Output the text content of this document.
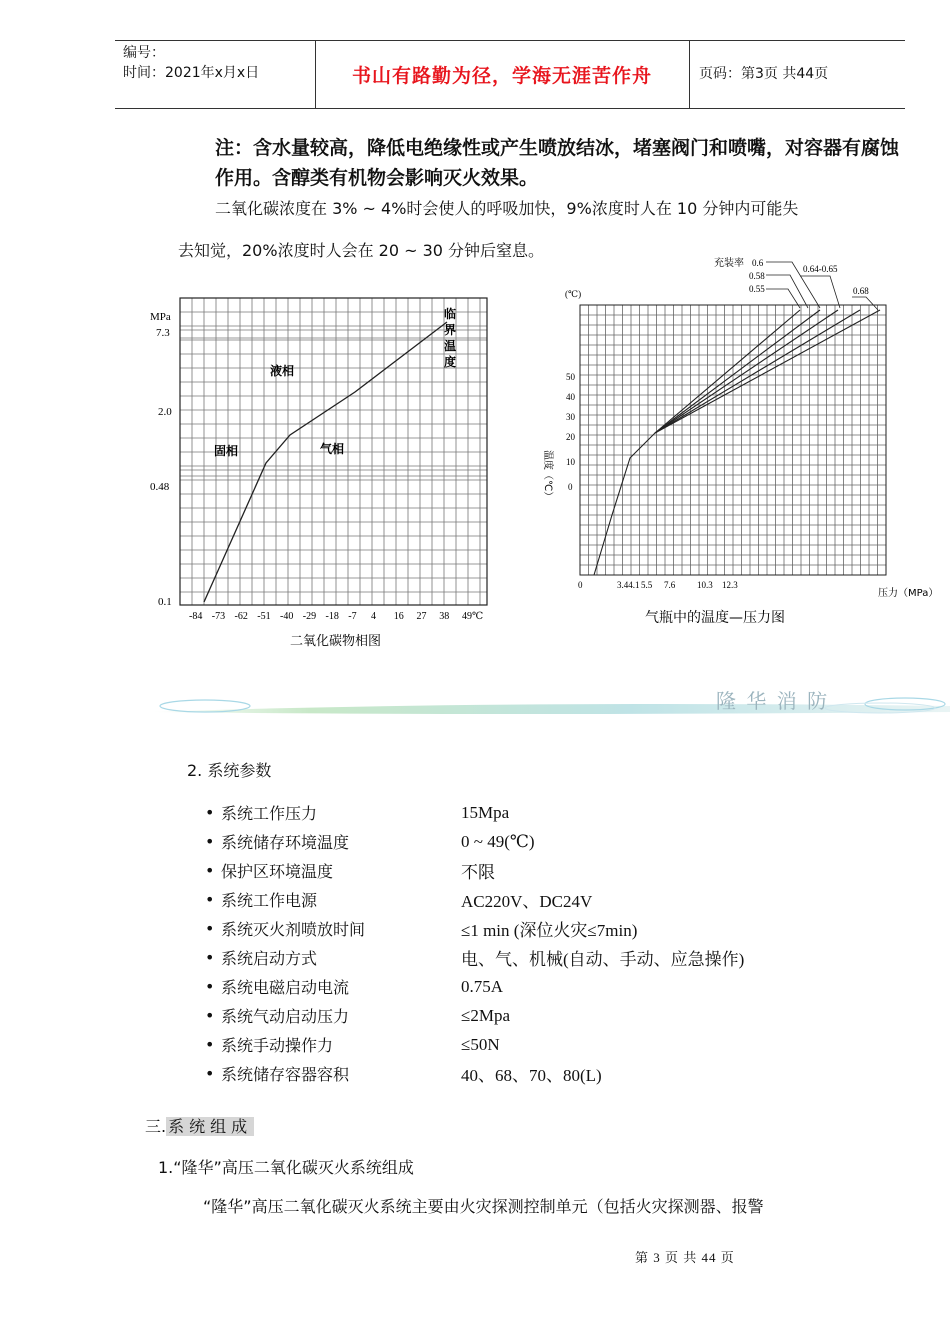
编号：
时间：2021年x月x日	书山有路勤为径，学海无涯苦作舟	页码：第3页 共44页
注：含水量较高，降低电绝缘性或产生喷放结冰，堵塞阀门和喷嘴，对容器有腐蚀作用。含醇类有机物会影响灭火效果。
二氧化碳浓度在 3% ~ 4%时会使人的呼吸加快，9%浓度时人在 10 分钟内可能失
去知觉，20%浓度时人会在 20 ~ 30 分钟后窒息。
MPa
7.3
2.0
0.48
0.1
-84 -73 -62 -51 -40 -29 -18 -7 4 16 27 38 49℃
临界温度
液相
固相	气相
二氧化碳物相图
(℃)
温度（℃）
50
40
30
20
10
0
0	3.44.1 5.5 7.6 10.3 12.3
压力（MPa）
充装率 0.6
0.58
0.55
0.64-0.65
0.68
气瓶中的温度—压力图
隆 华 消 防
2. 系统参数
• 系统工作压力	15Mpa
• 系统储存环境温度	0 ~ 49(℃)
• 保护区环境温度	不限
• 系统工作电源	AC220V、DC24V
• 系统灭火剂喷放时间	≤1 min (深位火灾≤7min)
• 系统启动方式	电、气、机械(自动、手动、应急操作)
• 系统电磁启动电流	0.75A
• 系统气动启动压力	≤2Mpa
• 系统手动操作力	≤50N
• 系统储存容器容积	40、68、70、80(L)
三. 系统组成
1.“隆华”高压二氧化碳灭火系统组成
“隆华”高压二氧化碳灭火系统主要由火灾探测控制单元（包括火灾探测器、报警
第 3 页 共 44 页
